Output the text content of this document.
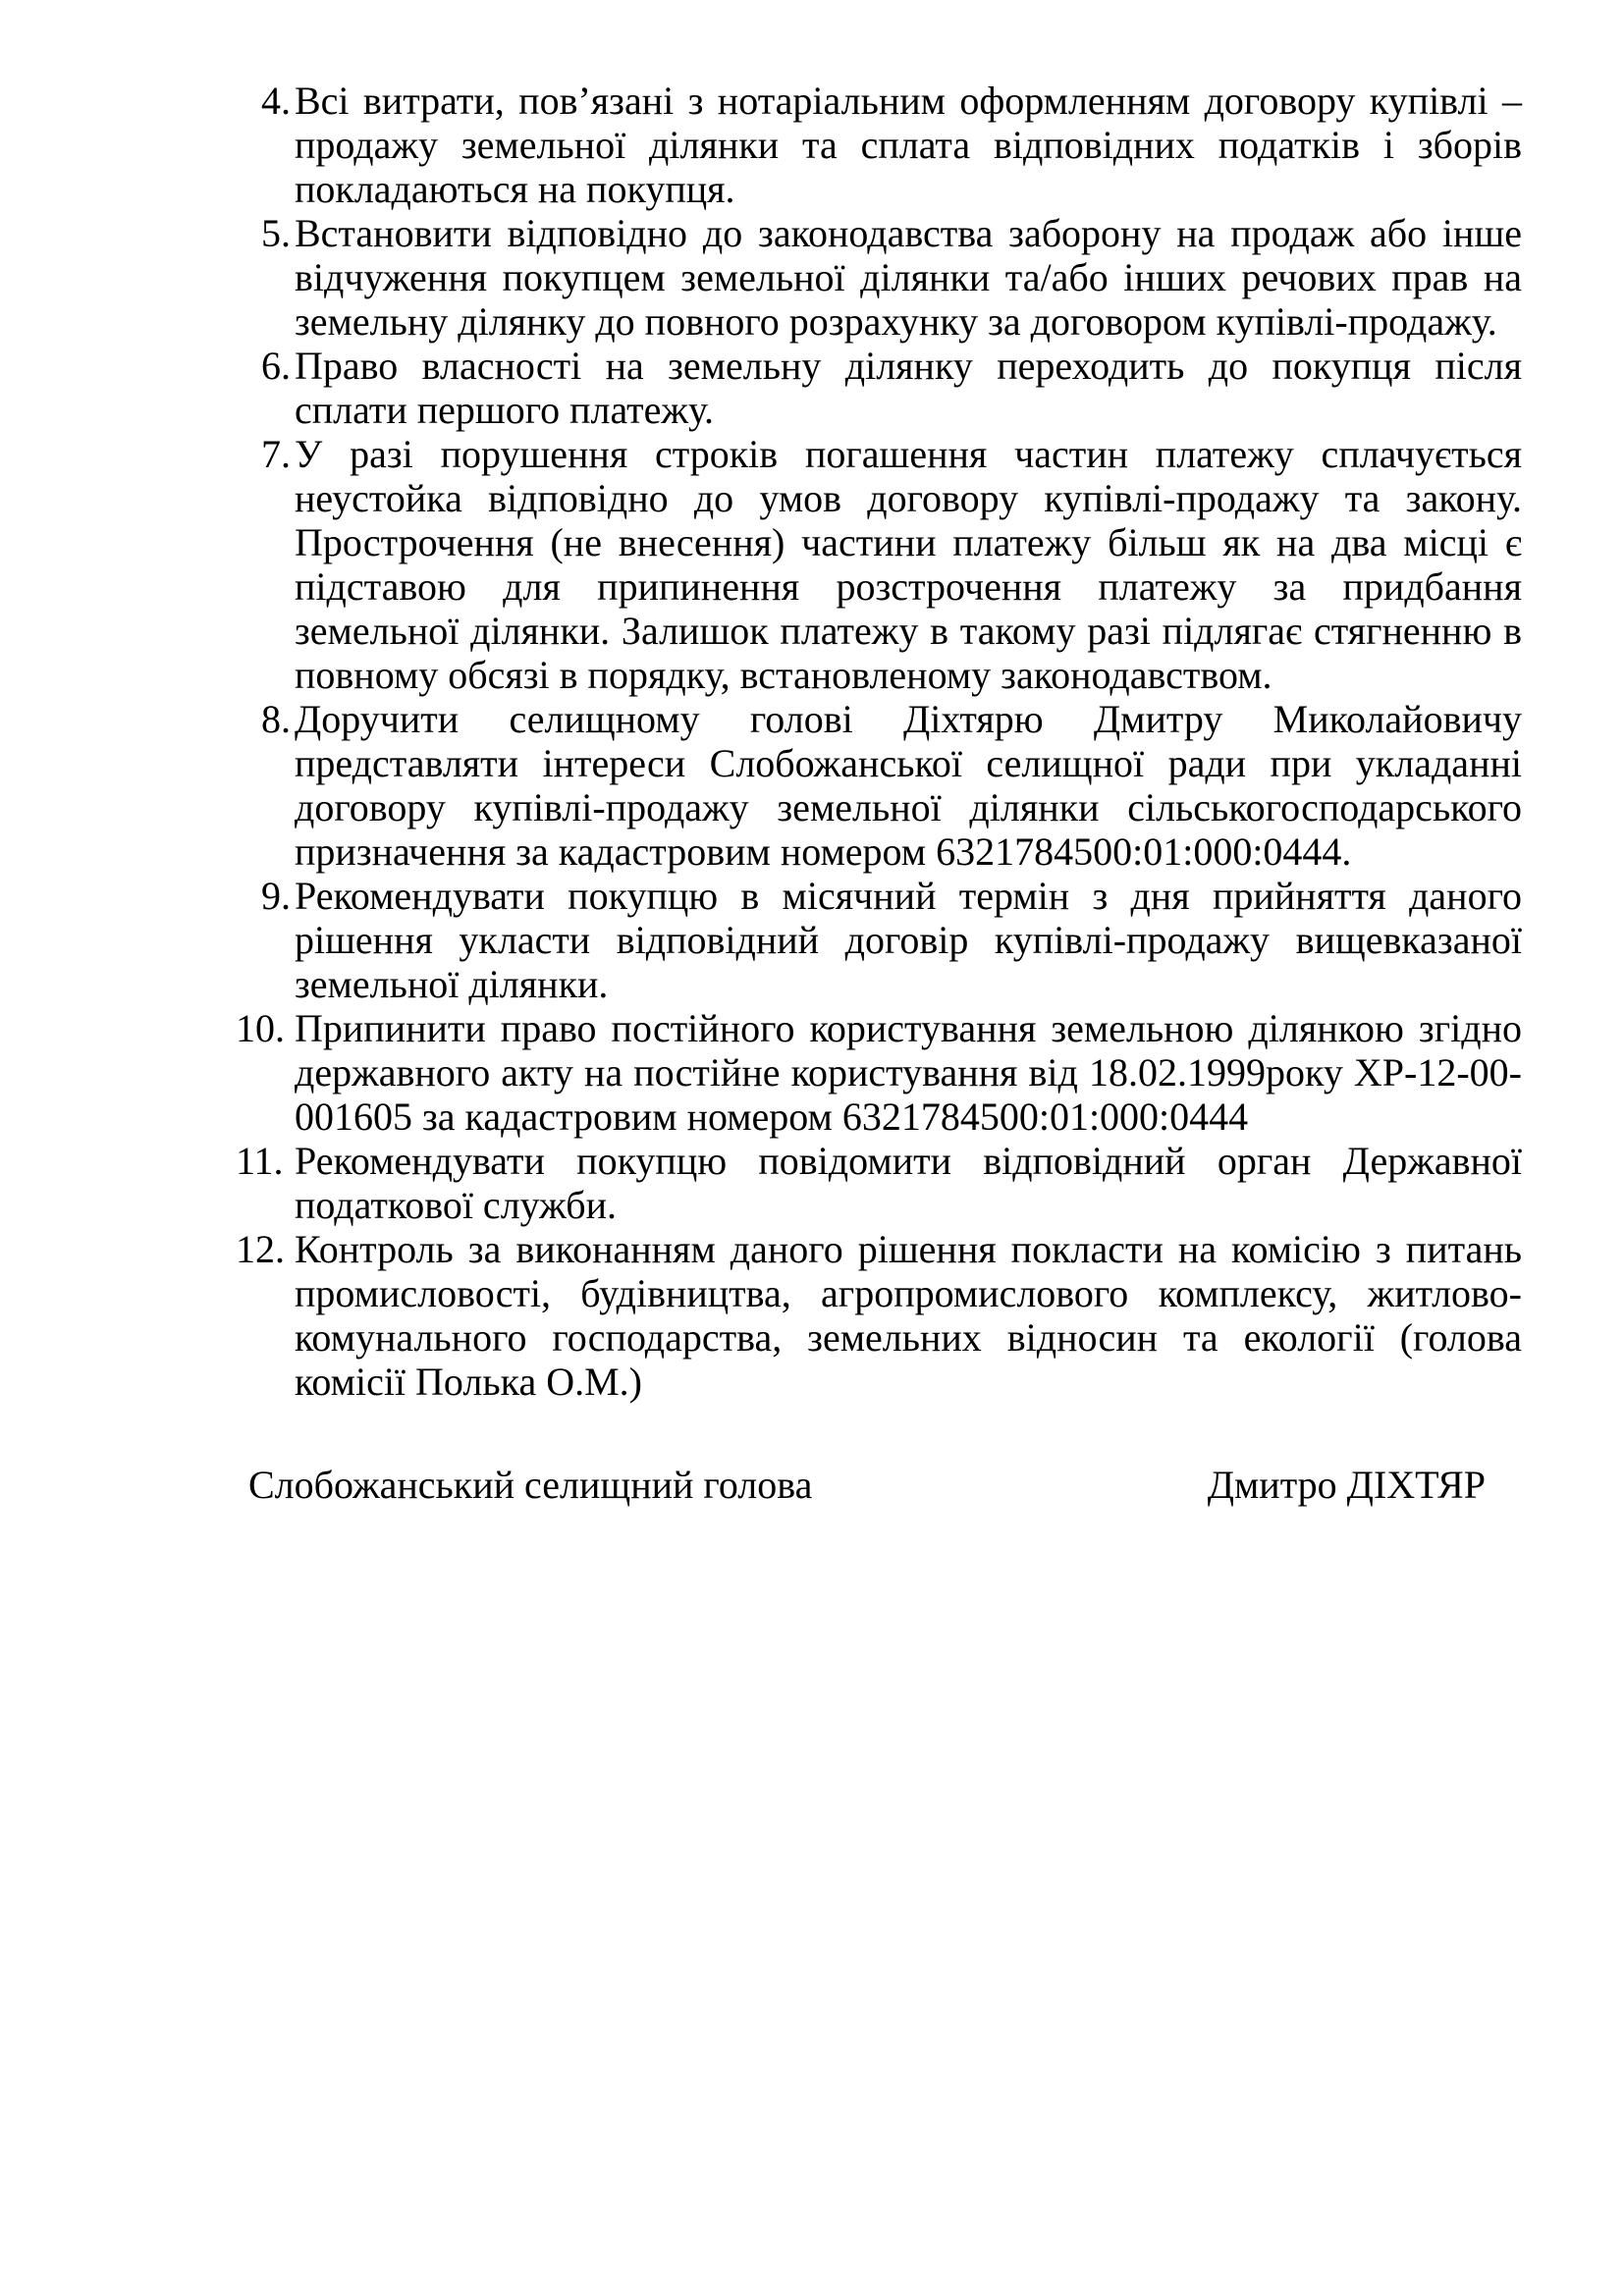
4. Всі витрати, пов’язані з нотаріальним оформленням договору купівлі – продажу земельної ділянки та сплата відповідних податків і зборів покладаються на покупця.
5. Встановити відповідно до законодавства заборону на продаж або інше відчуження покупцем земельної ділянки та/або інших речових прав на земельну ділянку до повного розрахунку за договором купівлі-продажу.
6. Право власності на земельну ділянку переходить до покупця після сплати першого платежу.
7. У разі порушення строків погашення частин платежу сплачується неустойка відповідно до умов договору купівлі-продажу та закону. Прострочення (не внесення) частини платежу більш як на два місці є підставою для припинення розстрочення платежу за придбання земельної ділянки. Залишок платежу в такому разі підлягає стягненню в повному обсязі в порядку, встановленому законодавством.
8. Доручити селищному голові Діхтярю Дмитру Миколайовичу представляти інтереси Слобожанської селищної ради при укладанні договору купівлі-продажу земельної ділянки сільськогосподарського призначення за кадастровим номером 6321784500:01:000:0444.
9. Рекомендувати покупцю в місячний термін з дня прийняття даного рішення укласти відповідний договір купівлі-продажу вищевказаної земельної ділянки.
10. Припинити право постійного користування земельною ділянкою згідно державного акту на постійне користування від 18.02.1999року ХР-12-00-001605 за кадастровим номером 6321784500:01:000:0444
11. Рекомендувати покупцю повідомити відповідний орган Державної податкової служби.
12. Контроль за виконанням даного рішення покласти на комісію з питань промисловості, будівництва, агропромислового комплексу, житлово-комунального господарства, земельних відносин та екології (голова комісії Полька О.М.)
Слобожанський селищний голова	Дмитро ДІХТЯР
